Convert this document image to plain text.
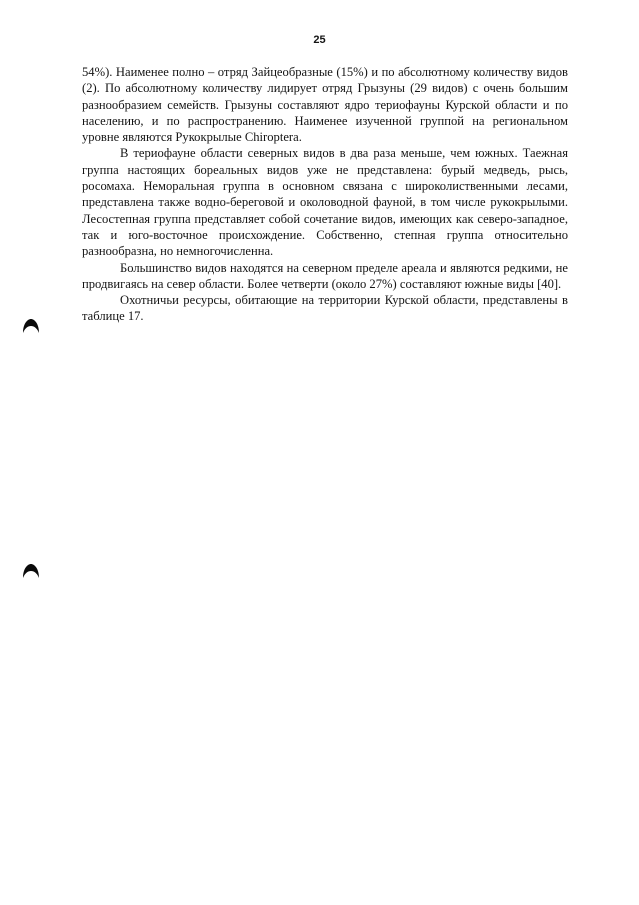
25

54%). Наименее полно – отряд Зайцеобразные (15%) и по абсолютному количеству видов (2). По абсолютному количеству лидирует отряд Грызуны (29 видов) с очень большим разнообразием семейств. Грызуны составляют ядро териофауны Курской области и по населению, и по распространению. Наименее изученной группой на региональном уровне являются Рукокрылые Chiroptera.

В териофауне области северных видов в два раза меньше, чем южных. Таежная группа настоящих бореальных видов уже не представлена: бурый медведь, рысь, росомаха. Неморальная группа в основном связана с широколиственными лесами, представлена также водно-береговой и околоводной фауной, в том числе рукокрылыми. Лесостепная группа представляет собой сочетание видов, имеющих как северо-западное, так и юго-восточное происхождение. Собственно, степная группа относительно разнообразна, но немногочисленна.

Большинство видов находятся на северном пределе ареала и являются редкими, не продвигаясь на север области. Более четверти (около 27%) составляют южные виды [40].

Охотничьи ресурсы, обитающие на территории Курской области, представлены в таблице 17.
